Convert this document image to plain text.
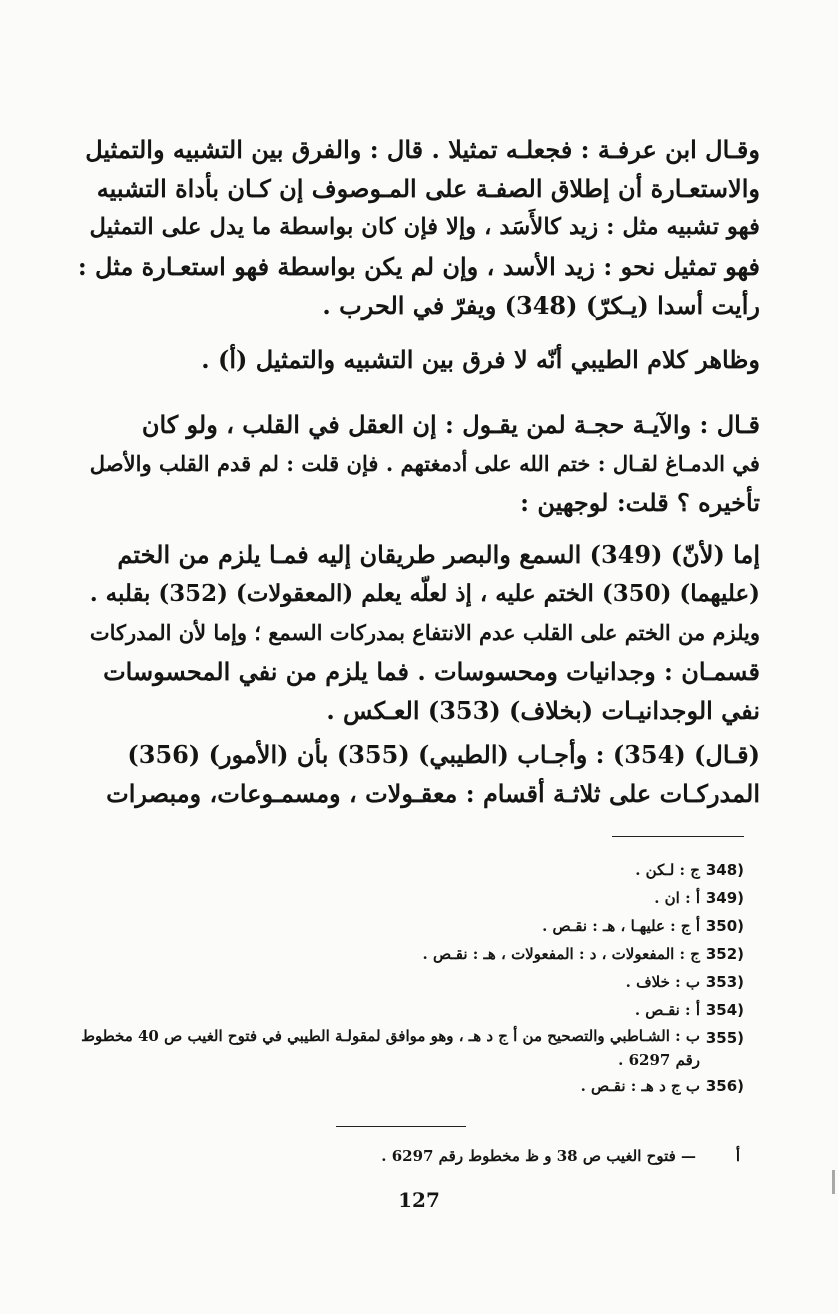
وقـال ابن عرفـة : فجعلـه تمثيلا . قال : والفرق بين التشبيه والتمثيل
والاستعـارة أن إطلاق الصفـة على المـوصوف إن كـان بأداة التشبيه
فهو تشبيه مثل : زيد كالأَسَد ، وإلا فإن كان بواسطة ما يدل على التمثيل
فهو تمثيل نحو : زيد الأسد ، وإن لم يكن بواسطة فهو استعـارة مثل :
رأيت أسدا (يـكرّ) (348) ويفرّ في الحرب .
وظاهر كلام الطيبي أنّه لا فرق بين التشبيه والتمثيل (أ) .
قـال : والآيـة حجـة لمن يقـول : إن العقل في القلب ، ولو كان
في الدمـاغ لقـال : ختم الله على أدمغتهم . فإن قلت : لم قدم القلب والأصل
تأخيره ؟ قلت: لوجهين :
إما (لأنّ) (349) السمع والبصر طريقان إليه فمـا يلزم من الختم
(عليهما) (350) الختم عليه ، إذ لعلّه يعلم (المعقولات) (352) بقلبه .
ويلزم من الختم على القلب عدم الانتفاع بمدركات السمع ؛ وإما لأن المدركات
قسمـان : وجدانيات ومحسوسات . فما يلزم من نفي المحسوسات
نفي الوجدانيـات (بخلاف) (353) العـكس .
(قـال) (354) : وأجـاب (الطيبي) (355) بأن (الأمور) (356)
المدركـات على ثلاثـة أقسام : معقـولات ، ومسمـوعات، ومبصرات
348)
ج : لـكن .
349)
أ : ان .
350)
أ ج : عليهـا ، هـ : نقـص .
352)
ج : المفعولات ، د : المفعولات ، هـ : نقـص .
353)
ب : خلاف .
354)
أ : نقـص .
355)
ب : الشـاطبي والتصحيح من أ ج د هـ ، وهو موافق لمقولـة الطيبي في فتوح الغيب ص 40 مخطوط رقم 6297 .
356)
ب ج د هـ : نقـص .
أ
— فتوح الغيب ص 38 و ظ مخطوط رقم 6297 .
127
